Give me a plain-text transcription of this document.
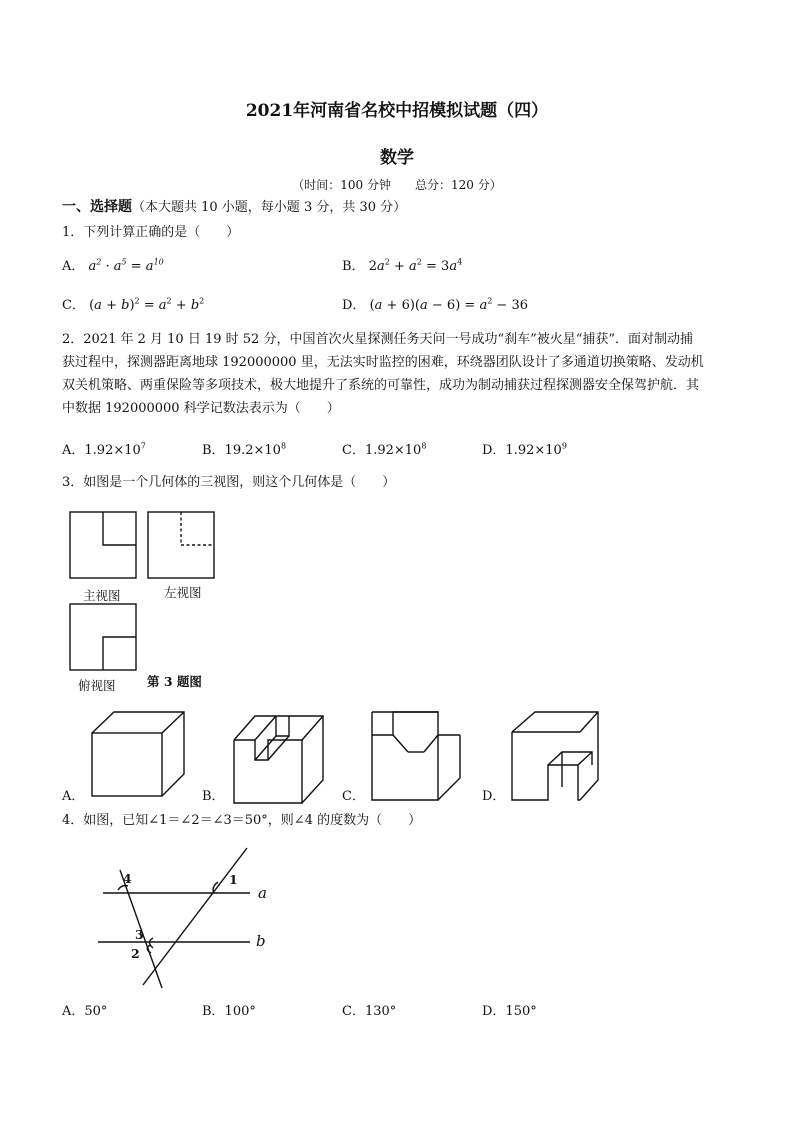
2021年河南省名校中招模拟试题（四）
数学
（时间：100 分钟　　总分：120 分）
一、选择题（本大题共 10 小题，每小题 3 分，共 30 分）
1．下列计算正确的是（　　）
A． $a^2 \cdot a^5 = a^{10}$	B． $2a^2 + a^2 = 3a^4$
C． $(a + b)^2 = a^2 + b^2$	D． $(a + 6)(a - 6) = a^2 - 36$
2．2021 年 2 月 10 日 19 时 52 分，中国首次火星探测任务天问一号成功“刹车”被火星“捕获”．面对制动捕
获过程中，探测器距离地球 192000000 里，无法实时监控的困难，环绕器团队设计了多通道切换策略、发动机
双关机策略、两重保险等多项技术，极大地提升了系统的可靠性，成功为制动捕获过程探测器安全保驾护航．其
中数据 192000000 科学记数法表示为（　　）
A．$1.92\times 10^7$	B．$19.2\times 10^8$	C．$1.92\times 10^8$	D．$1.92\times 10^9$
3．如图是一个几何体的三视图，则这个几何体是（　　）
主视图	左视图
俯视图	第 3 题图
A．	B．	C．	D．
4．如图，已知∠1＝∠2＝∠3＝50°，则∠4 的度数为（　　）
4	1
3
2
a
b
A．50°	B．100°	C．130°	D．150°
